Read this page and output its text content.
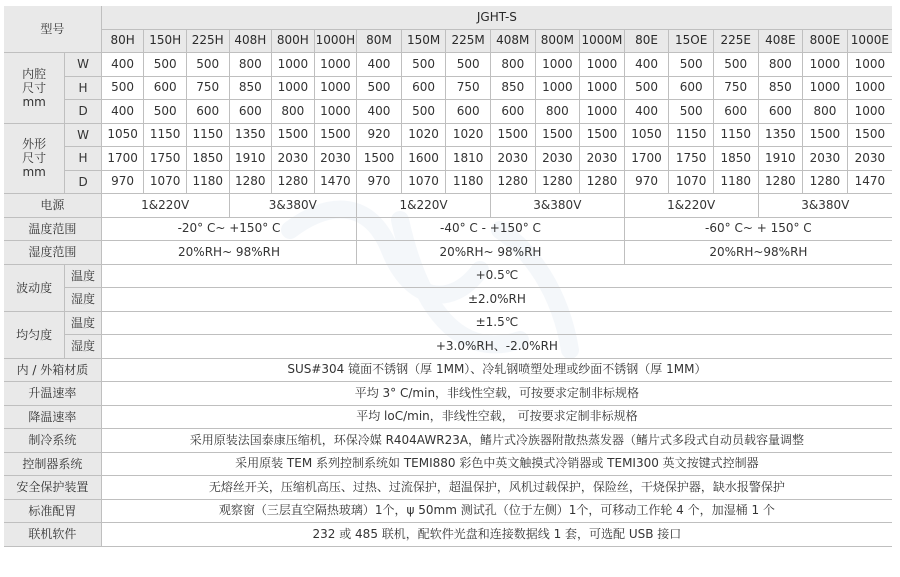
型号		JGHT-S																	
		80H	150H	225H	408H	800H	1000H	80M	150M	225M	408M	800M	1000M	80E	15OE	225E	408E	800E	1000E
内腔
尺寸
mm	W	400	500	500	800	1000	1000	400	500	500	800	1000	1000	400	500	500	800	1000	1000
	H	500	600	750	850	1000	1000	500	600	750	850	1000	1000	500	600	750	850	1000	1000
	D	400	500	600	600	800	1000	400	500	600	600	800	1000	400	500	600	600	800	1000
外形
尺寸
mm	W	1050	1150	1150	1350	1500	1500	920	1020	1020	1500	1500	1500	1050	1150	1150	1350	1500	1500
	H	1700	1750	1850	1910	2030	2030	1500	1600	1810	2030	2030	2030	1700	1750	1850	1910	2030	2030
	D	970	1070	1180	1280	1280	1470	970	1070	1180	1280	1280	1280	970	1070	1180	1280	1280	1470
电源		1&220V			3&380V			1&220V			3&380V			1&220V			3&380V		
温度范围		-20° C~ +150° C						-40° C - +150° C						-60° C~ + 150° C					
湿度范围		20%RH~ 98%RH						20%RH~ 98%RH						20%RH~98%RH					
波动度	温度	+0.5℃																	
	湿度	±2.0%RH																	
均匀度	温度	±1.5℃																	
	湿度	+3.0%RH、-2.0%RH																	
内 / 外箱材质		SUS#304 镜面不锈钢（厚 1MM）、冷轧钢喷塑处理或纱面不锈钢（厚 1MM）																	
升温速率		平均 3° C/min，非线性空载，可按要求定制非标规格																	
降温速率		平均 loC/min，非线性空载， 可按要求定制非标规格																	
制冷系统		采用原装法国泰康压缩机，环保冷媒 R404AWR23A，鳍片式冷族器附散热蒸发器（鳍片式多段式自动员载容量调整																	
控制器系统		采用原装 TEM 系列控制系统如 TEMI880 彩色中英文触摸式冷销器或 TEMI300 英文按键式控制器																	
安全保护装置		无熔丝开关，压缩机高压、过热、过流保护，超温保护，风机过载保护，保险丝，干烧保护器，缺水报警保护																	
标准配胃		观察窗（三层直空隔热玻璃）1个，ψ 50mm 测试孔（位于左侧）1个，可移动工作轮 4 个，加湿桶 1 个																	
联机软件		232 或 485 联机，配软件光盘和连接数据线 1 套，可选配 USB 接口																	
